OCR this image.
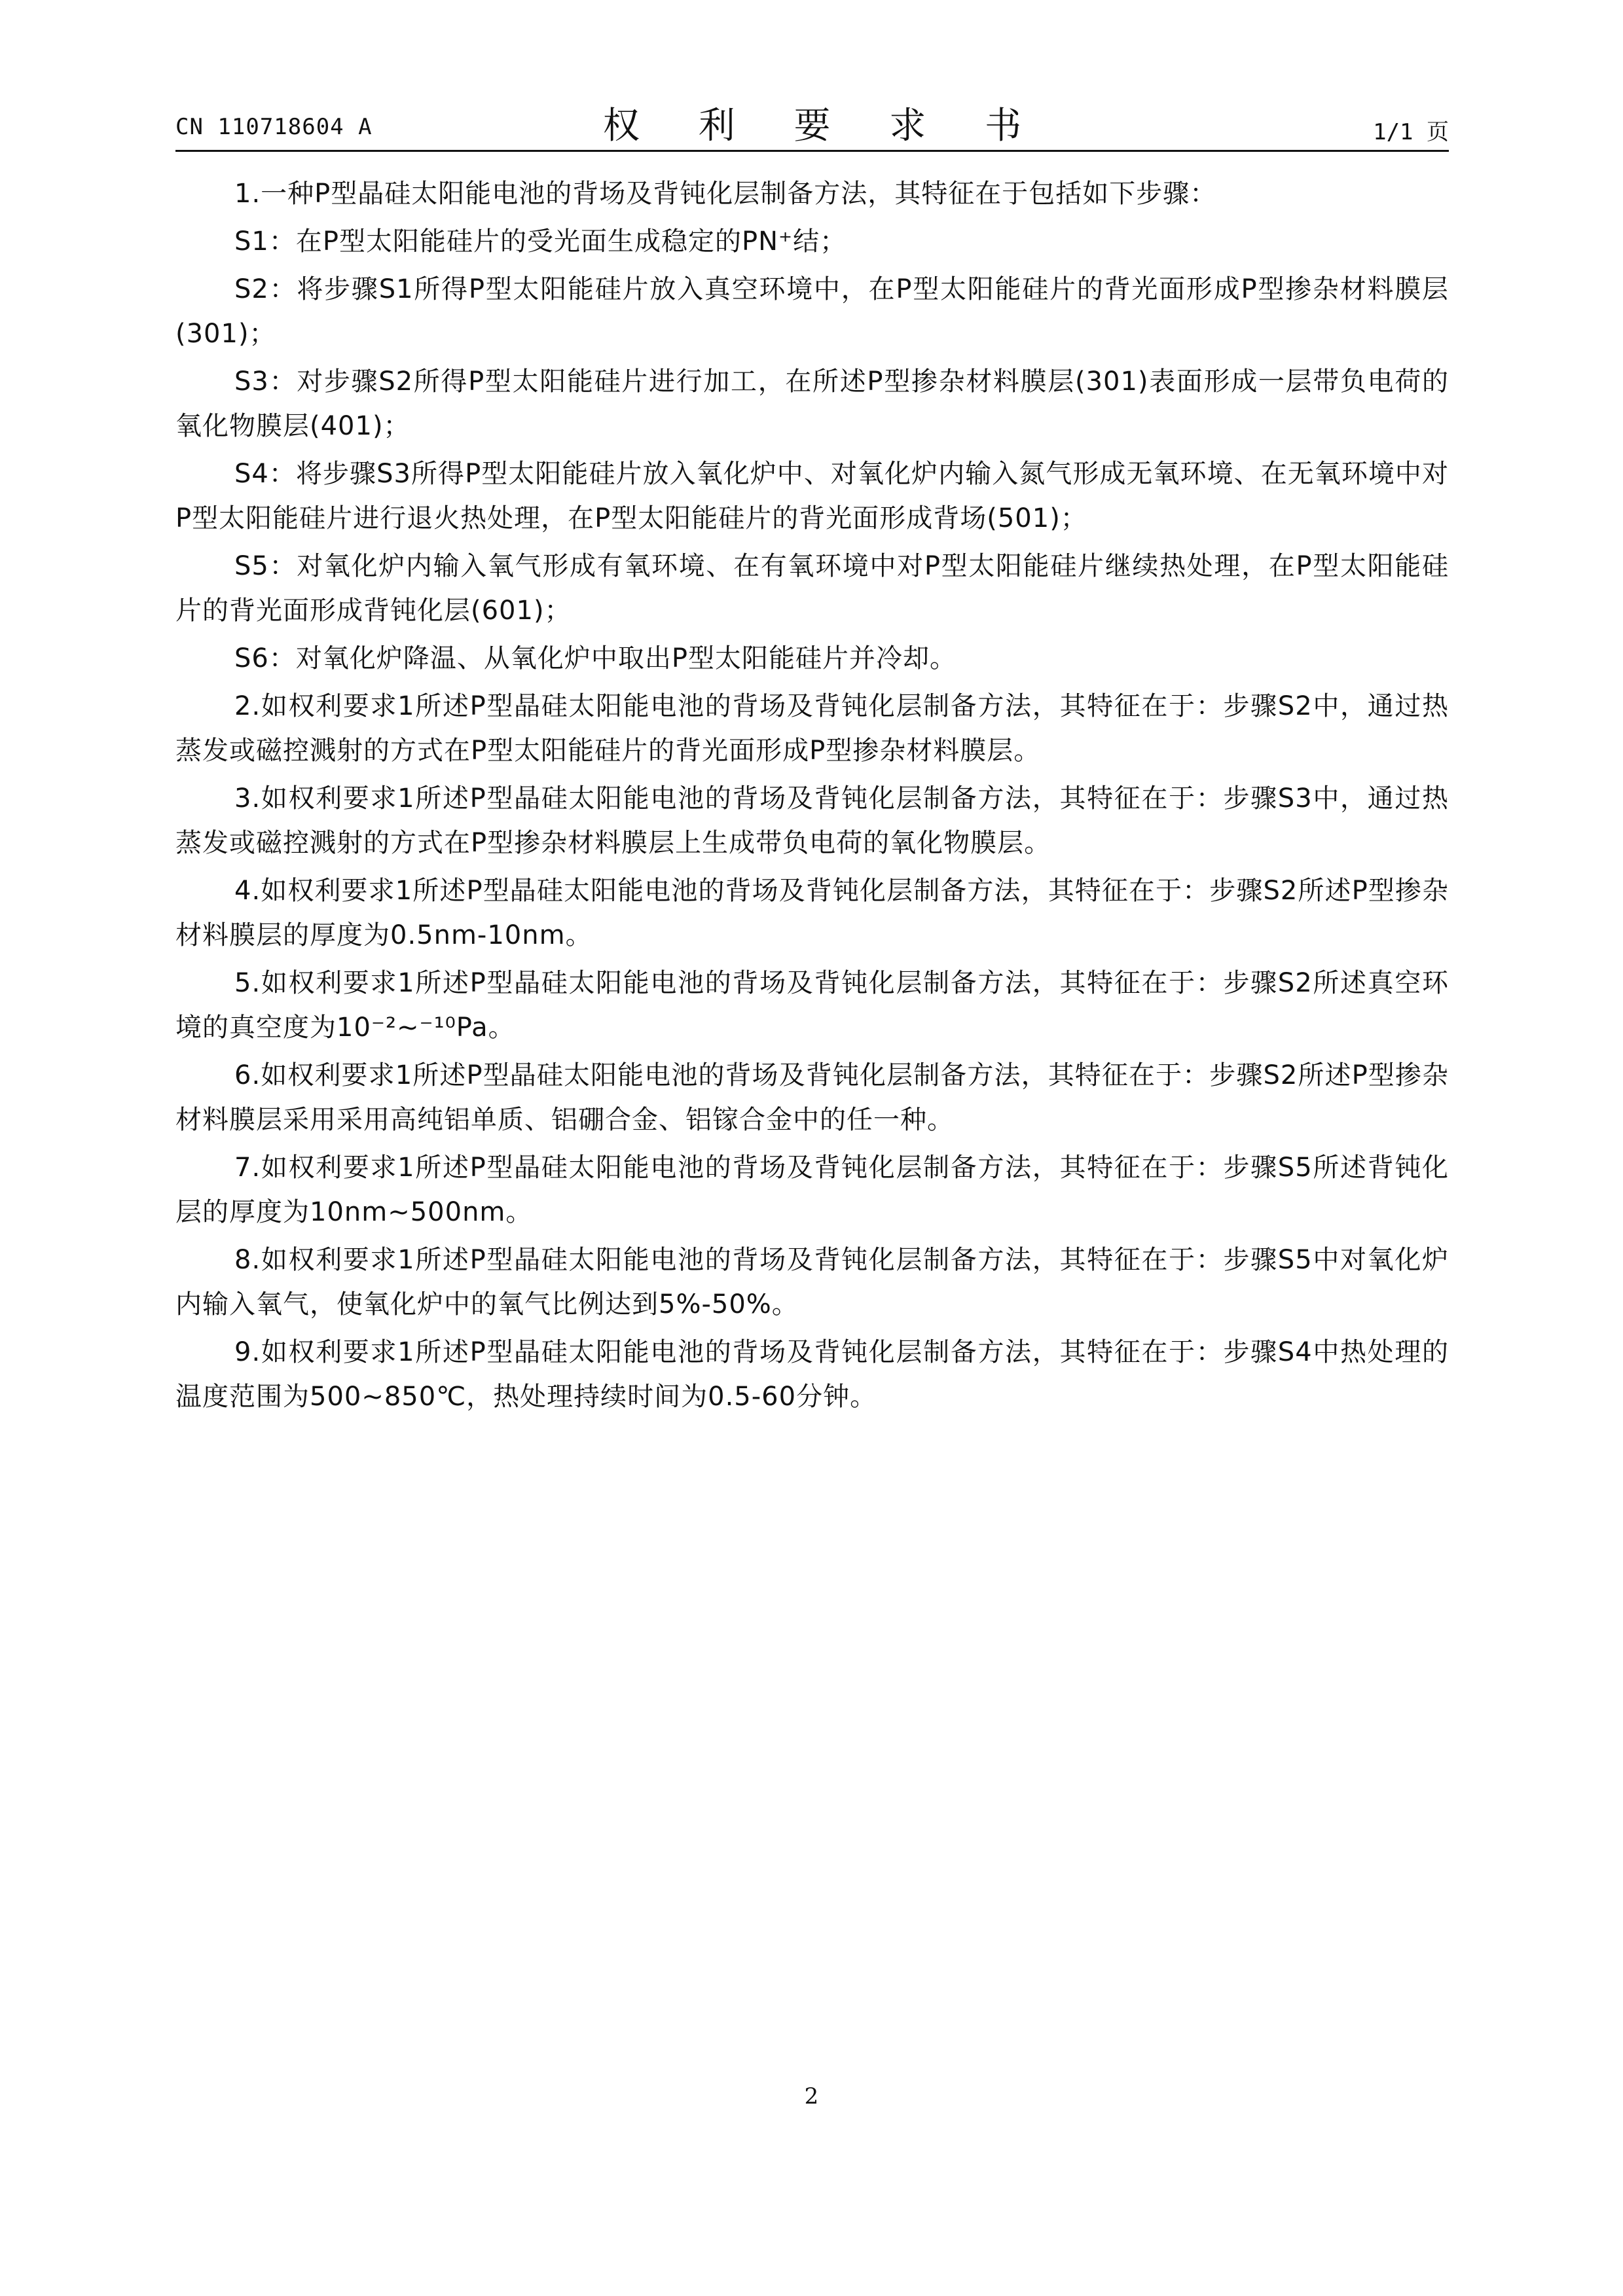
CN 110718604 A	权 利 要 求 书	1/1 页

1.一种P型晶硅太阳能电池的背场及背钝化层制备方法，其特征在于包括如下步骤：

S1：在P型太阳能硅片的受光面生成稳定的PN⁺结；

S2：将步骤S1所得P型太阳能硅片放入真空环境中，在P型太阳能硅片的背光面形成P型掺杂材料膜层(301)；

S3：对步骤S2所得P型太阳能硅片进行加工，在所述P型掺杂材料膜层(301)表面形成一层带负电荷的氧化物膜层(401)；

S4：将步骤S3所得P型太阳能硅片放入氧化炉中、对氧化炉内输入氮气形成无氧环境、在无氧环境中对P型太阳能硅片进行退火热处理，在P型太阳能硅片的背光面形成背场(501)；

S5：对氧化炉内输入氧气形成有氧环境、在有氧环境中对P型太阳能硅片继续热处理，在P型太阳能硅片的背光面形成背钝化层(601)；

S6：对氧化炉降温、从氧化炉中取出P型太阳能硅片并冷却。

2.如权利要求1所述P型晶硅太阳能电池的背场及背钝化层制备方法，其特征在于：步骤S2中，通过热蒸发或磁控溅射的方式在P型太阳能硅片的背光面形成P型掺杂材料膜层。

3.如权利要求1所述P型晶硅太阳能电池的背场及背钝化层制备方法，其特征在于：步骤S3中，通过热蒸发或磁控溅射的方式在P型掺杂材料膜层上生成带负电荷的氧化物膜层。

4.如权利要求1所述P型晶硅太阳能电池的背场及背钝化层制备方法，其特征在于：步骤S2所述P型掺杂材料膜层的厚度为0.5nm-10nm。

5.如权利要求1所述P型晶硅太阳能电池的背场及背钝化层制备方法，其特征在于：步骤S2所述真空环境的真空度为10⁻²~⁻¹⁰Pa。

6.如权利要求1所述P型晶硅太阳能电池的背场及背钝化层制备方法，其特征在于：步骤S2所述P型掺杂材料膜层采用采用高纯铝单质、铝硼合金、铝镓合金中的任一种。

7.如权利要求1所述P型晶硅太阳能电池的背场及背钝化层制备方法，其特征在于：步骤S5所述背钝化层的厚度为10nm~500nm。

8.如权利要求1所述P型晶硅太阳能电池的背场及背钝化层制备方法，其特征在于：步骤S5中对氧化炉内输入氧气，使氧化炉中的氧气比例达到5%-50%。

9.如权利要求1所述P型晶硅太阳能电池的背场及背钝化层制备方法，其特征在于：步骤S4中热处理的温度范围为500~850℃，热处理持续时间为0.5-60分钟。

2
